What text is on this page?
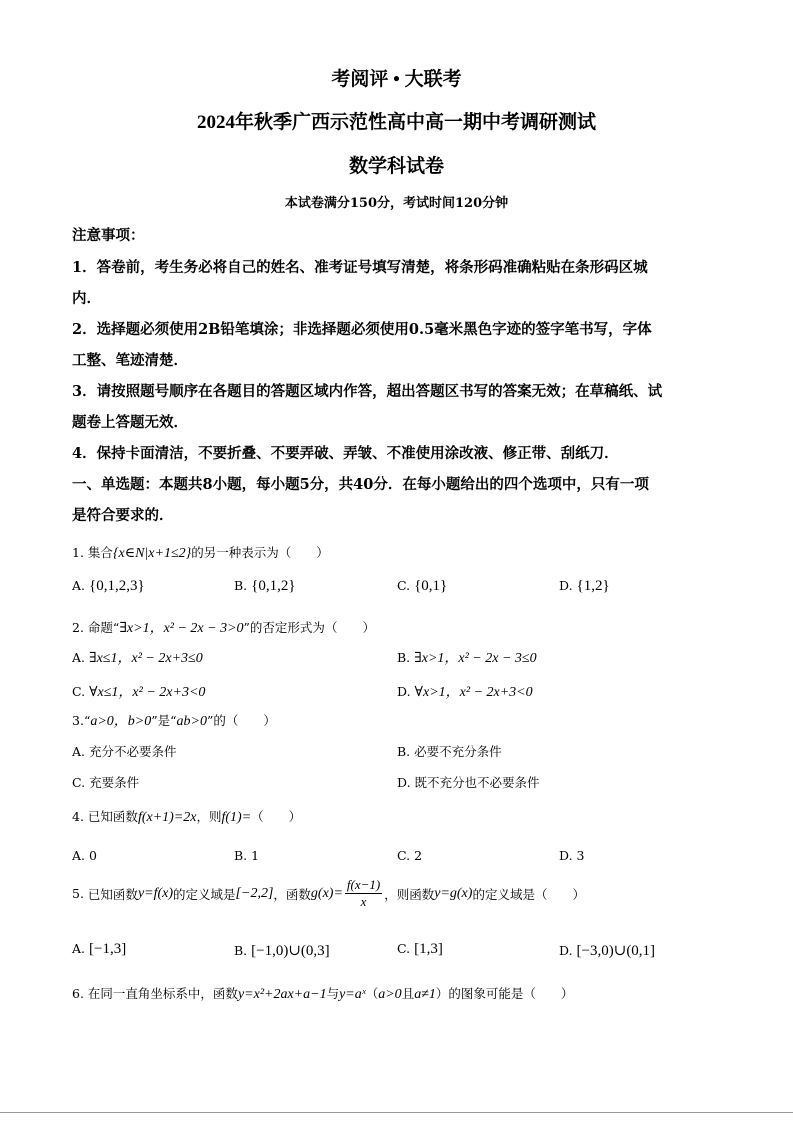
考阅评 • 大联考
2024年秋季广西示范性高中高一期中考调研测试
数学科试卷
本试卷满分150分，考试时间120分钟
注意事项：
1．答卷前，考生务必将自己的姓名、准考证号填写清楚，将条形码准确粘贴在条形码区城
内．
2．选择题必须使用2B铅笔填涂；非选择题必须使用0.5毫米黑色字迹的签字笔书写，字体
工整、笔迹清楚．
3．请按照题号顺序在各题目的答题区域内作答，超出答题区书写的答案无效；在草稿纸、试
题卷上答题无效．
4．保持卡面清洁，不要折叠、不要弄破、弄皱、不准使用涂改液、修正带、刮纸刀．
一、单选题：本题共8小题，每小题5分，共40分．在每小题给出的四个选项中，只有一项
是符合要求的．
1. 集合{x∈N|x+1≤2}的另一种表示为（　　）
A. {0,1,2,3}	B. {0,1,2}	C. {0,1}	D. {1,2}
2. 命题“∃x>1，x² − 2x − 3>0”的否定形式为（　　）
A. ∃x≤1，x² − 2x+3≤0	B. ∃x>1，x² − 2x − 3≤0
C. ∀x≤1，x² − 2x+3<0	D. ∀x>1，x² − 2x+3<0
3.“a>0，b>0”是“ab>0”的（　　）
A. 充分不必要条件	B. 必要不充分条件
C. 充要条件	D. 既不充分也不必要条件
4. 已知函数f(x+1)=2x，则f(1)=（　　）
A. 0	B. 1	C. 2	D. 3
5.
已知函数 y=f(x) 的定义域是 [−2,2] ，函数 $g(x)= \frac{f(x-1)}{x}$ ，则函数 y=g(x) 的定义域是（　　）
A. [−1,3]	B. [−1,0)∪(0,3]	C. [1,3]	D. [−3,0)∪(0,1]
6. 在同一直角坐标系中，函数y=x²+2ax+a−1与y=aˣ（a>0且a≠1）的图象可能是（　　）
